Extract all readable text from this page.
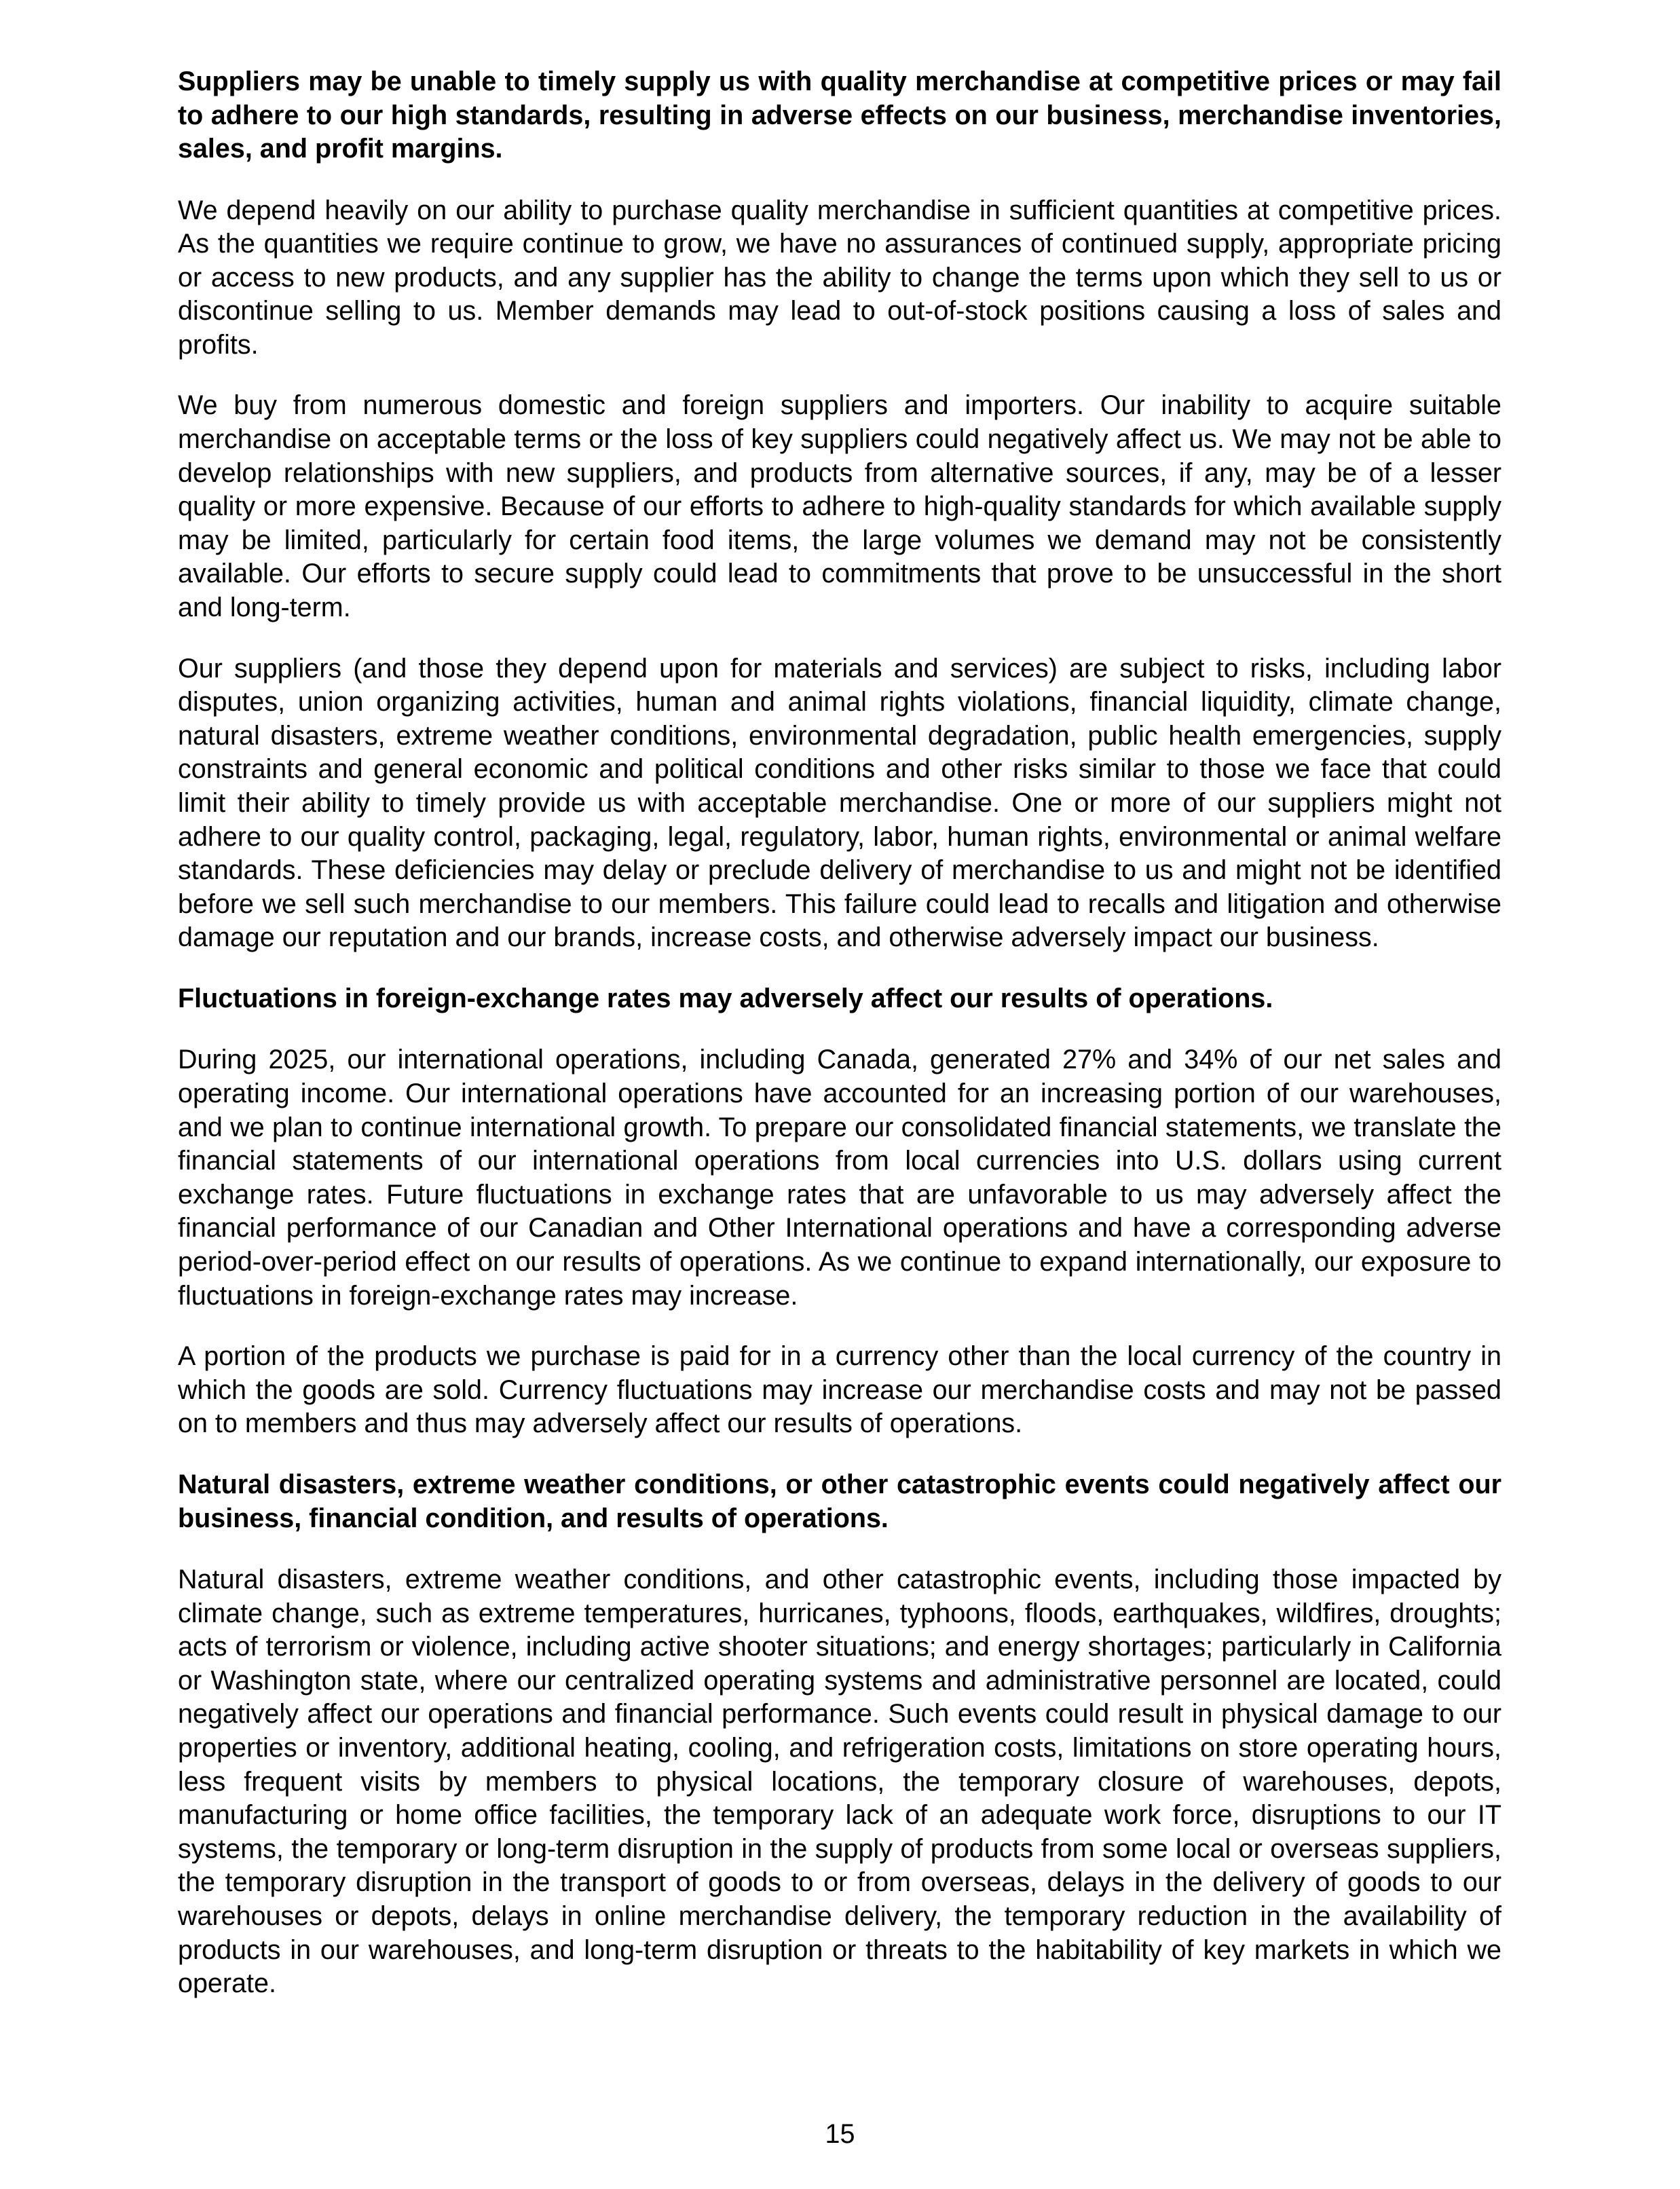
Suppliers may be unable to timely supply us with quality merchandise at competitive prices or may fail to adhere to our high standards, resulting in adverse effects on our business, merchandise inventories, sales, and profit margins.

We depend heavily on our ability to purchase quality merchandise in sufficient quantities at competitive prices. As the quantities we require continue to grow, we have no assurances of continued supply, appropriate pricing or access to new products, and any supplier has the ability to change the terms upon which they sell to us or discontinue selling to us. Member demands may lead to out-of-stock positions causing a loss of sales and profits.

We buy from numerous domestic and foreign suppliers and importers. Our inability to acquire suitable merchandise on acceptable terms or the loss of key suppliers could negatively affect us. We may not be able to develop relationships with new suppliers, and products from alternative sources, if any, may be of a lesser quality or more expensive. Because of our efforts to adhere to high-quality standards for which available supply may be limited, particularly for certain food items, the large volumes we demand may not be consistently available. Our efforts to secure supply could lead to commitments that prove to be unsuccessful in the short and long-term.

Our suppliers (and those they depend upon for materials and services) are subject to risks, including labor disputes, union organizing activities, human and animal rights violations, financial liquidity, climate change, natural disasters, extreme weather conditions, environmental degradation, public health emergencies, supply constraints and general economic and political conditions and other risks similar to those we face that could limit their ability to timely provide us with acceptable merchandise. One or more of our suppliers might not adhere to our quality control, packaging, legal, regulatory, labor, human rights, environmental or animal welfare standards. These deficiencies may delay or preclude delivery of merchandise to us and might not be identified before we sell such merchandise to our members. This failure could lead to recalls and litigation and otherwise damage our reputation and our brands, increase costs, and otherwise adversely impact our business.

Fluctuations in foreign-exchange rates may adversely affect our results of operations.

During 2025, our international operations, including Canada, generated 27% and 34% of our net sales and operating income. Our international operations have accounted for an increasing portion of our warehouses, and we plan to continue international growth. To prepare our consolidated financial statements, we translate the financial statements of our international operations from local currencies into U.S. dollars using current exchange rates. Future fluctuations in exchange rates that are unfavorable to us may adversely affect the financial performance of our Canadian and Other International operations and have a corresponding adverse period-over-period effect on our results of operations. As we continue to expand internationally, our exposure to fluctuations in foreign-exchange rates may increase.

A portion of the products we purchase is paid for in a currency other than the local currency of the country in which the goods are sold. Currency fluctuations may increase our merchandise costs and may not be passed on to members and thus may adversely affect our results of operations.

Natural disasters, extreme weather conditions, or other catastrophic events could negatively affect our business, financial condition, and results of operations.

Natural disasters, extreme weather conditions, and other catastrophic events, including those impacted by climate change, such as extreme temperatures, hurricanes, typhoons, floods, earthquakes, wildfires, droughts; acts of terrorism or violence, including active shooter situations; and energy shortages; particularly in California or Washington state, where our centralized operating systems and administrative personnel are located, could negatively affect our operations and financial performance. Such events could result in physical damage to our properties or inventory, additional heating, cooling, and refrigeration costs, limitations on store operating hours, less frequent visits by members to physical locations, the temporary closure of warehouses, depots, manufacturing or home office facilities, the temporary lack of an adequate work force, disruptions to our IT systems, the temporary or long-term disruption in the supply of products from some local or overseas suppliers, the temporary disruption in the transport of goods to or from overseas, delays in the delivery of goods to our warehouses or depots, delays in online merchandise delivery, the temporary reduction in the availability of products in our warehouses, and long-term disruption or threats to the habitability of key markets in which we operate.

15
